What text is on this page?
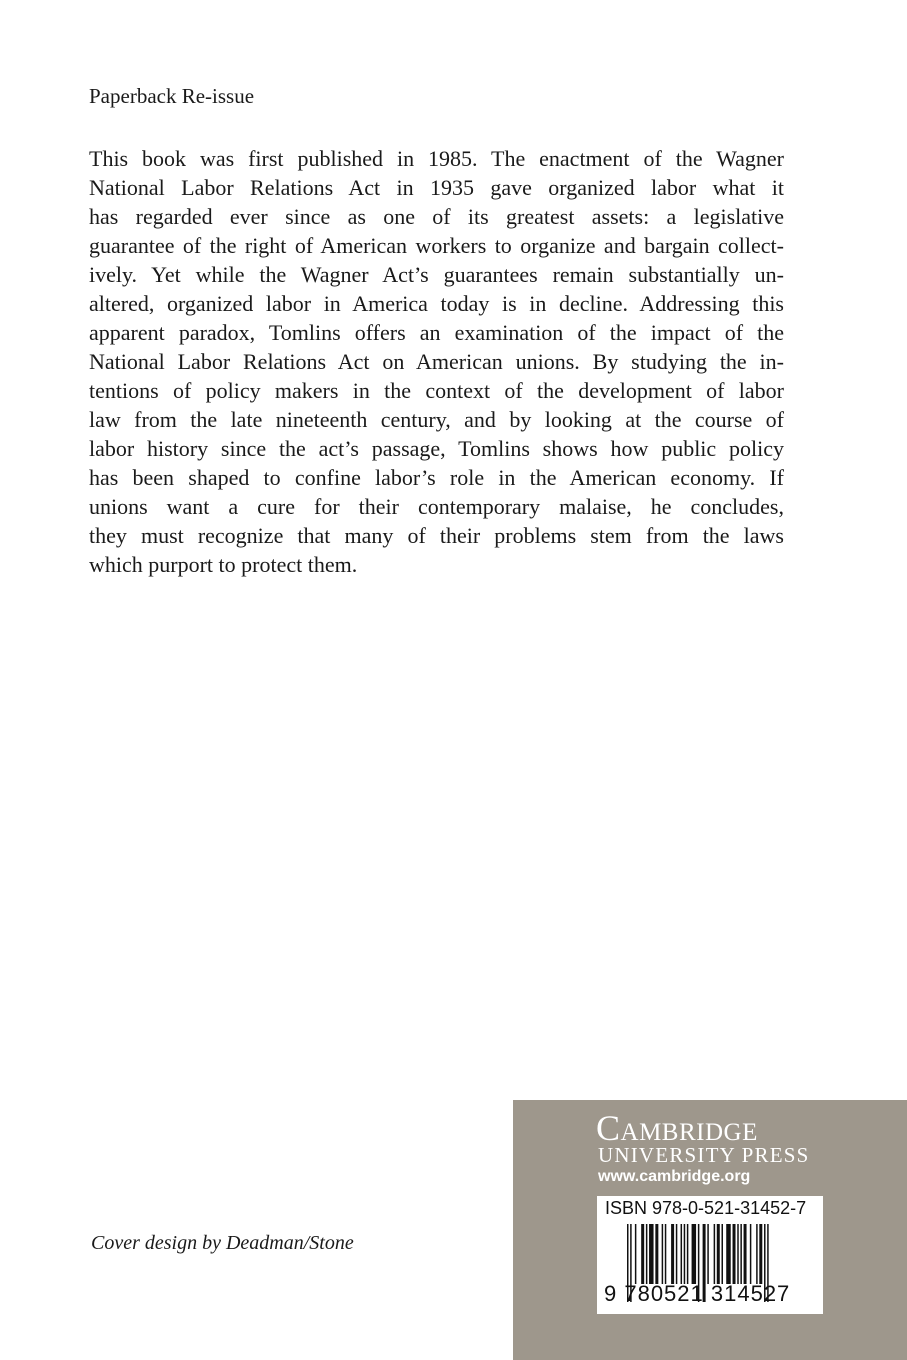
Paperback Re-issue
This book was first published in 1985. The enactment of the Wagner
National Labor Relations Act in 1935 gave organized labor what it
has regarded ever since as one of its greatest assets: a legislative
guarantee of the right of American workers to organize and bargain collect-
ively. Yet while the Wagner Act’s guarantees remain substantially un-
altered, organized labor in America today is in decline. Addressing this
apparent paradox, Tomlins offers an examination of the impact of the
National Labor Relations Act on American unions. By studying the in-
tentions of policy makers in the context of the development of labor
law from the late nineteenth century, and by looking at the course of
labor history since the act’s passage, Tomlins shows how public policy
has been shaped to confine labor’s role in the American economy. If
unions want a cure for their contemporary malaise, he concludes,
they must recognize that many of their problems stem from the laws
which purport to protect them.
Cover design by Deadman/Stone
Cambridge
UNIVERSITY PRESS
www.cambridge.org
ISBN 978-0-521-31452-7
9 780521 314527
